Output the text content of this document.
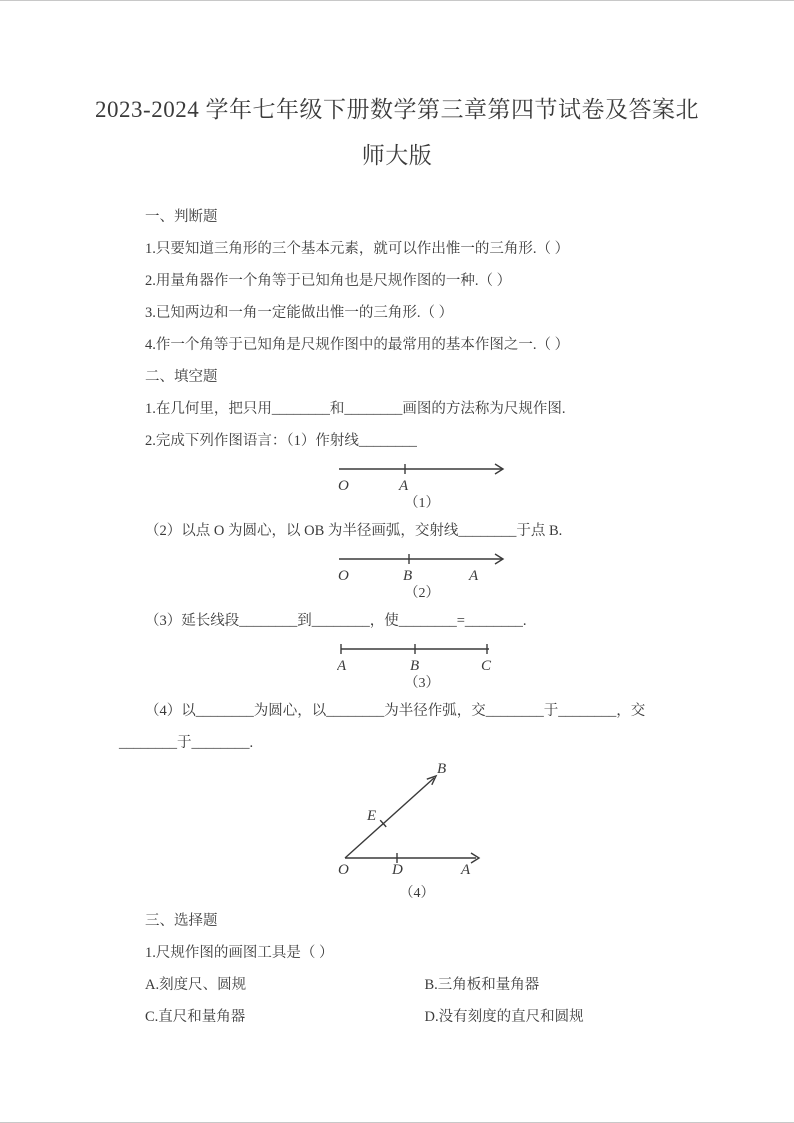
2023-2024 学年七年级下册数学第三章第四节试卷及答案北
师大版

一、判断题

1.只要知道三角形的三个基本元素，就可以作出惟一的三角形.（ ）

2.用量角器作一个角等于已知角也是尺规作图的一种.（ ）

3.已知两边和一角一定能做出惟一的三角形.（ ）

4.作一个角等于已知角是尺规作图中的最常用的基本作图之一.（ ）

二、填空题

1.在几何里，把只用________和________画图的方法称为尺规作图.

2.完成下列作图语言：（1）作射线________

O	A
（1）

（2）以点 O 为圆心，以 OB 为半径画弧，交射线________于点 B.

O	B	A
（2）

（3）延长线段________到________，使________=________.

A	B	C
（3）

（4）以________为圆心，以________为半径作弧，交________于________，交

________于________.

B
E
O	D	A
（4）

三、选择题

1.尺规作图的画图工具是（ ）

A.刻度尺、圆规	B.三角板和量角器
C.直尺和量角器	D.没有刻度的直尺和圆规
